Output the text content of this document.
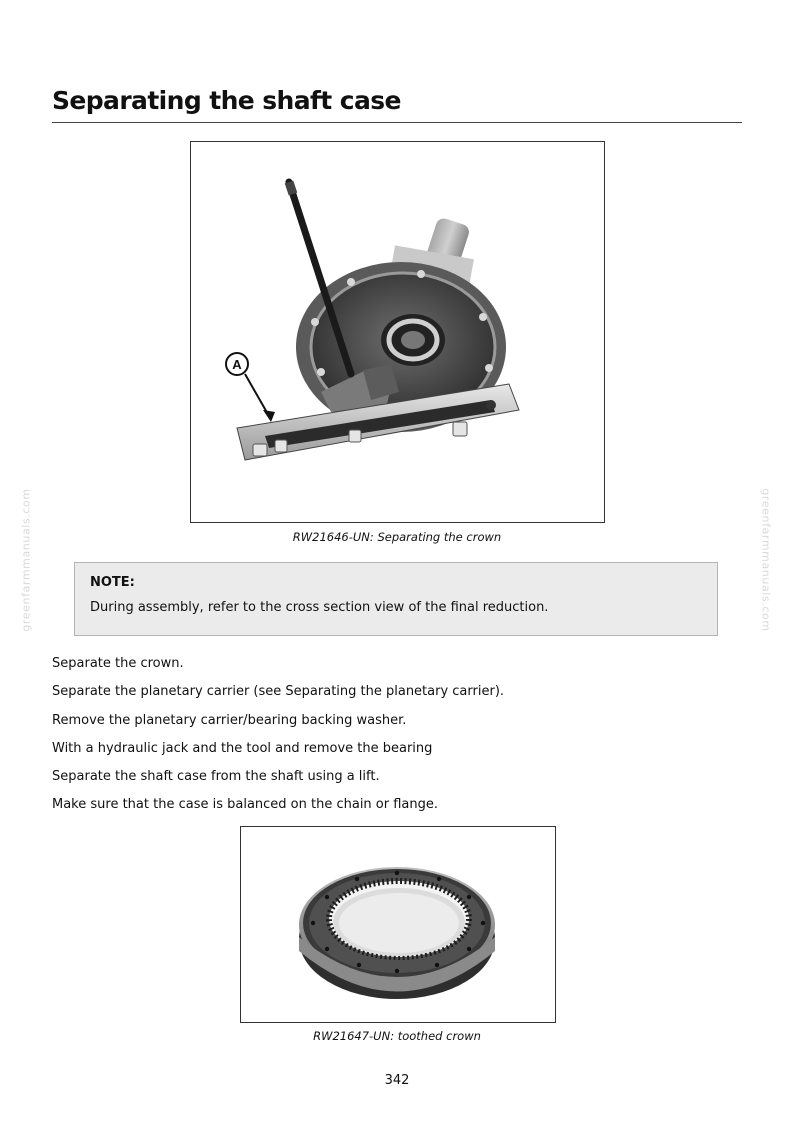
Separating the shaft case
greenfarmmanuals.com	greenfarmmanuals.com
A
RW21646-UN: Separating the crown
NOTE:
During assembly, refer to the cross section view of the final reduction.
Separate the crown.
Separate the planetary carrier (see Separating the planetary carrier).
Remove the planetary carrier/bearing backing washer.
With a hydraulic jack and the tool and remove the bearing
Separate the shaft case from the shaft using a lift.
Make sure that the case is balanced on the chain or flange.
RW21647-UN: toothed crown
342
